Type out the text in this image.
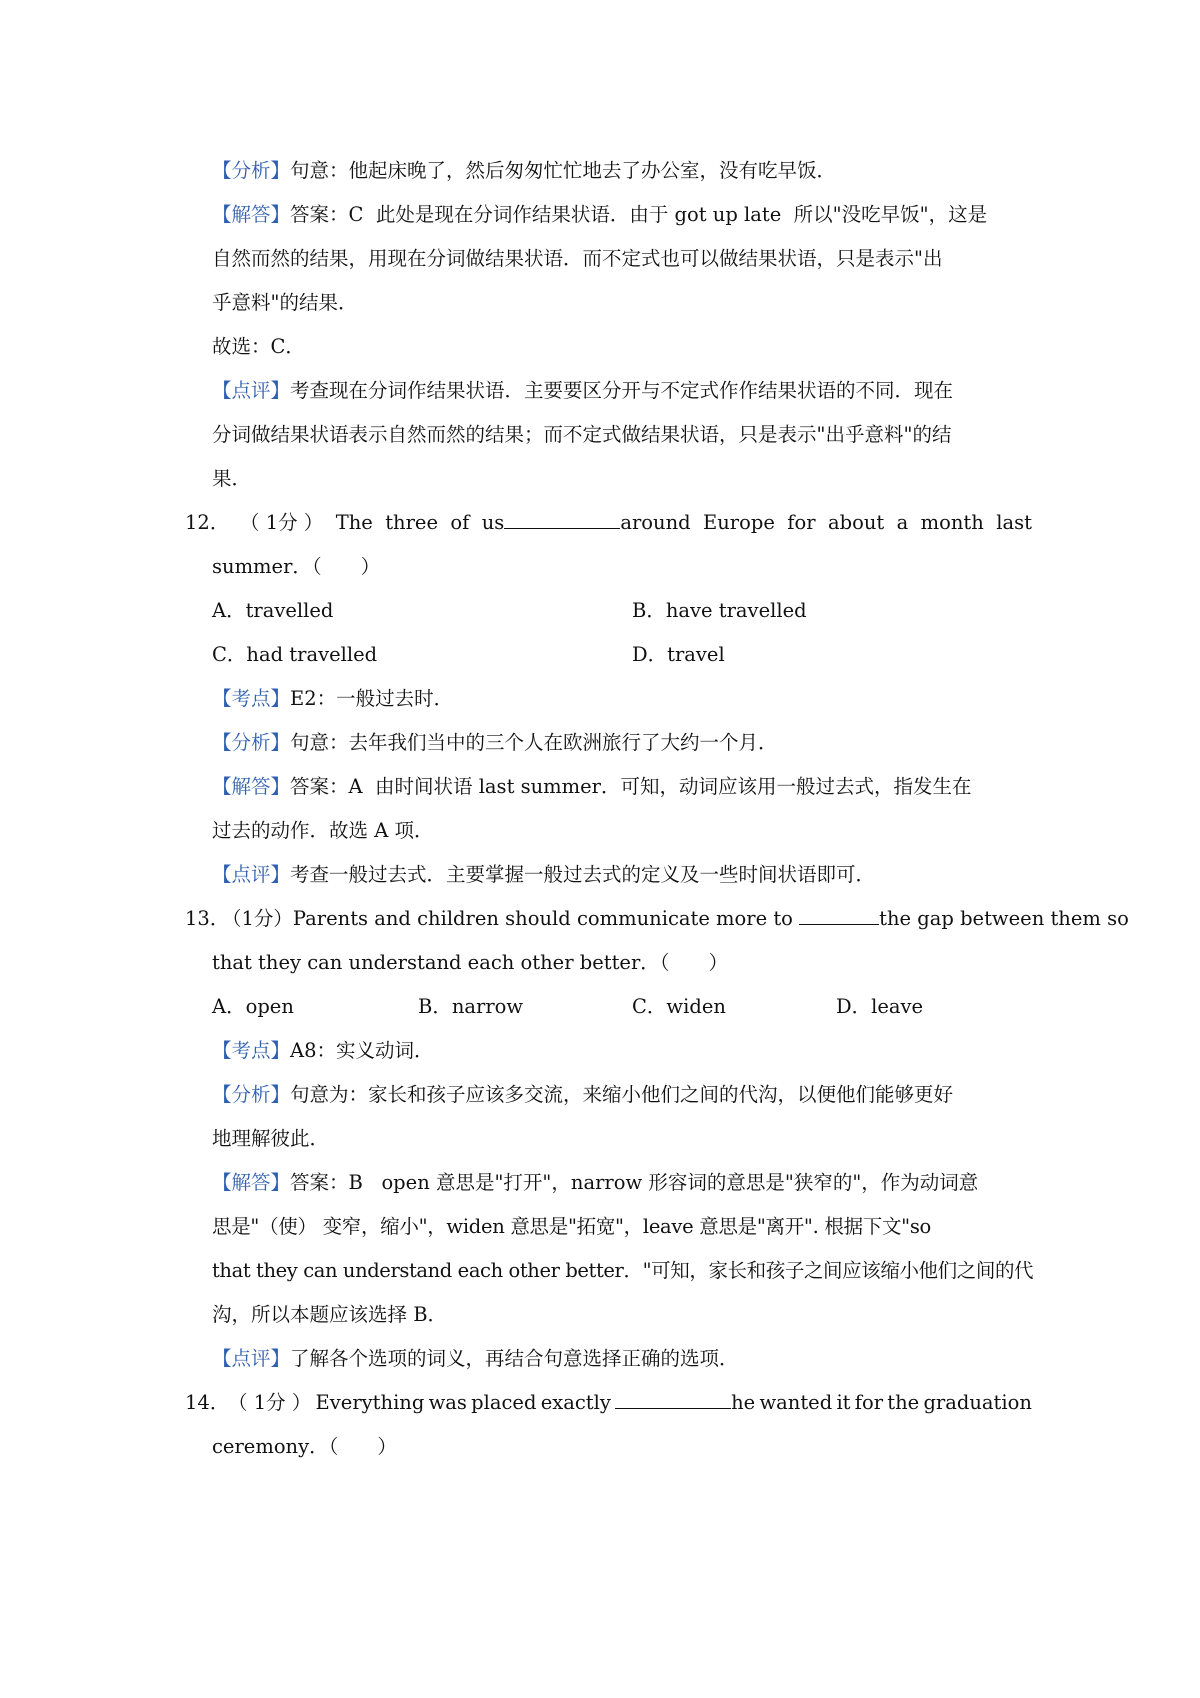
【分析】句意：他起床晚了，然后匆匆忙忙地去了办公室，没有吃早饭．
【解答】答案：C  此处是现在分词作结果状语．由于 got up late  所以"没吃早饭"，这是
自然而然的结果，用现在分词做结果状语．而不定式也可以做结果状语，只是表示"出
乎意料"的结果．
故选：C．
【点评】考查现在分词作结果状语．主要要区分开与不定式作作结果状语的不同．现在
分词做结果状语表示自然而然的结果；而不定式做结果状语，只是表示"出乎意料"的结
果．
12． （ 1分 ） The three of us	around Europe for about a month last
summer．（　　）
A．travelled	B．have travelled
C．had travelled	D．travel
【考点】E2：一般过去时．
【分析】句意：去年我们当中的三个人在欧洲旅行了大约一个月．
【解答】答案：A  由时间状语 last summer．可知，动词应该用一般过去式，指发生在
过去的动作．故选 A 项．
【点评】考查一般过去式．主要掌握一般过去式的定义及一些时间状语即可．
13．
（1分）Parents and children should communicate more to	the gap between them so
that they can understand each other better．（　　）
A．open	B．narrow	C．widen	D．leave
【考点】A8：实义动词．
【分析】句意为：家长和孩子应该多交流，来缩小他们之间的代沟，以便他们能够更好
地理解彼此．
【解答】答案：B   open 意思是"打开"，narrow 形容词的意思是"狭窄的"，作为动词意
思是"（使） 变窄，缩小"，widen 意思是"拓宽"，leave 意思是"离开". 根据下文"so
that they can understand each other better．"可知，家长和孩子之间应该缩小他们之间的代
沟，所以本题应该选择 B．
【点评】了解各个选项的词义，再结合句意选择正确的选项．
14．
（ 1分 ） Everything was placed exactly	he wanted it for the graduation
ceremony．（　　）
